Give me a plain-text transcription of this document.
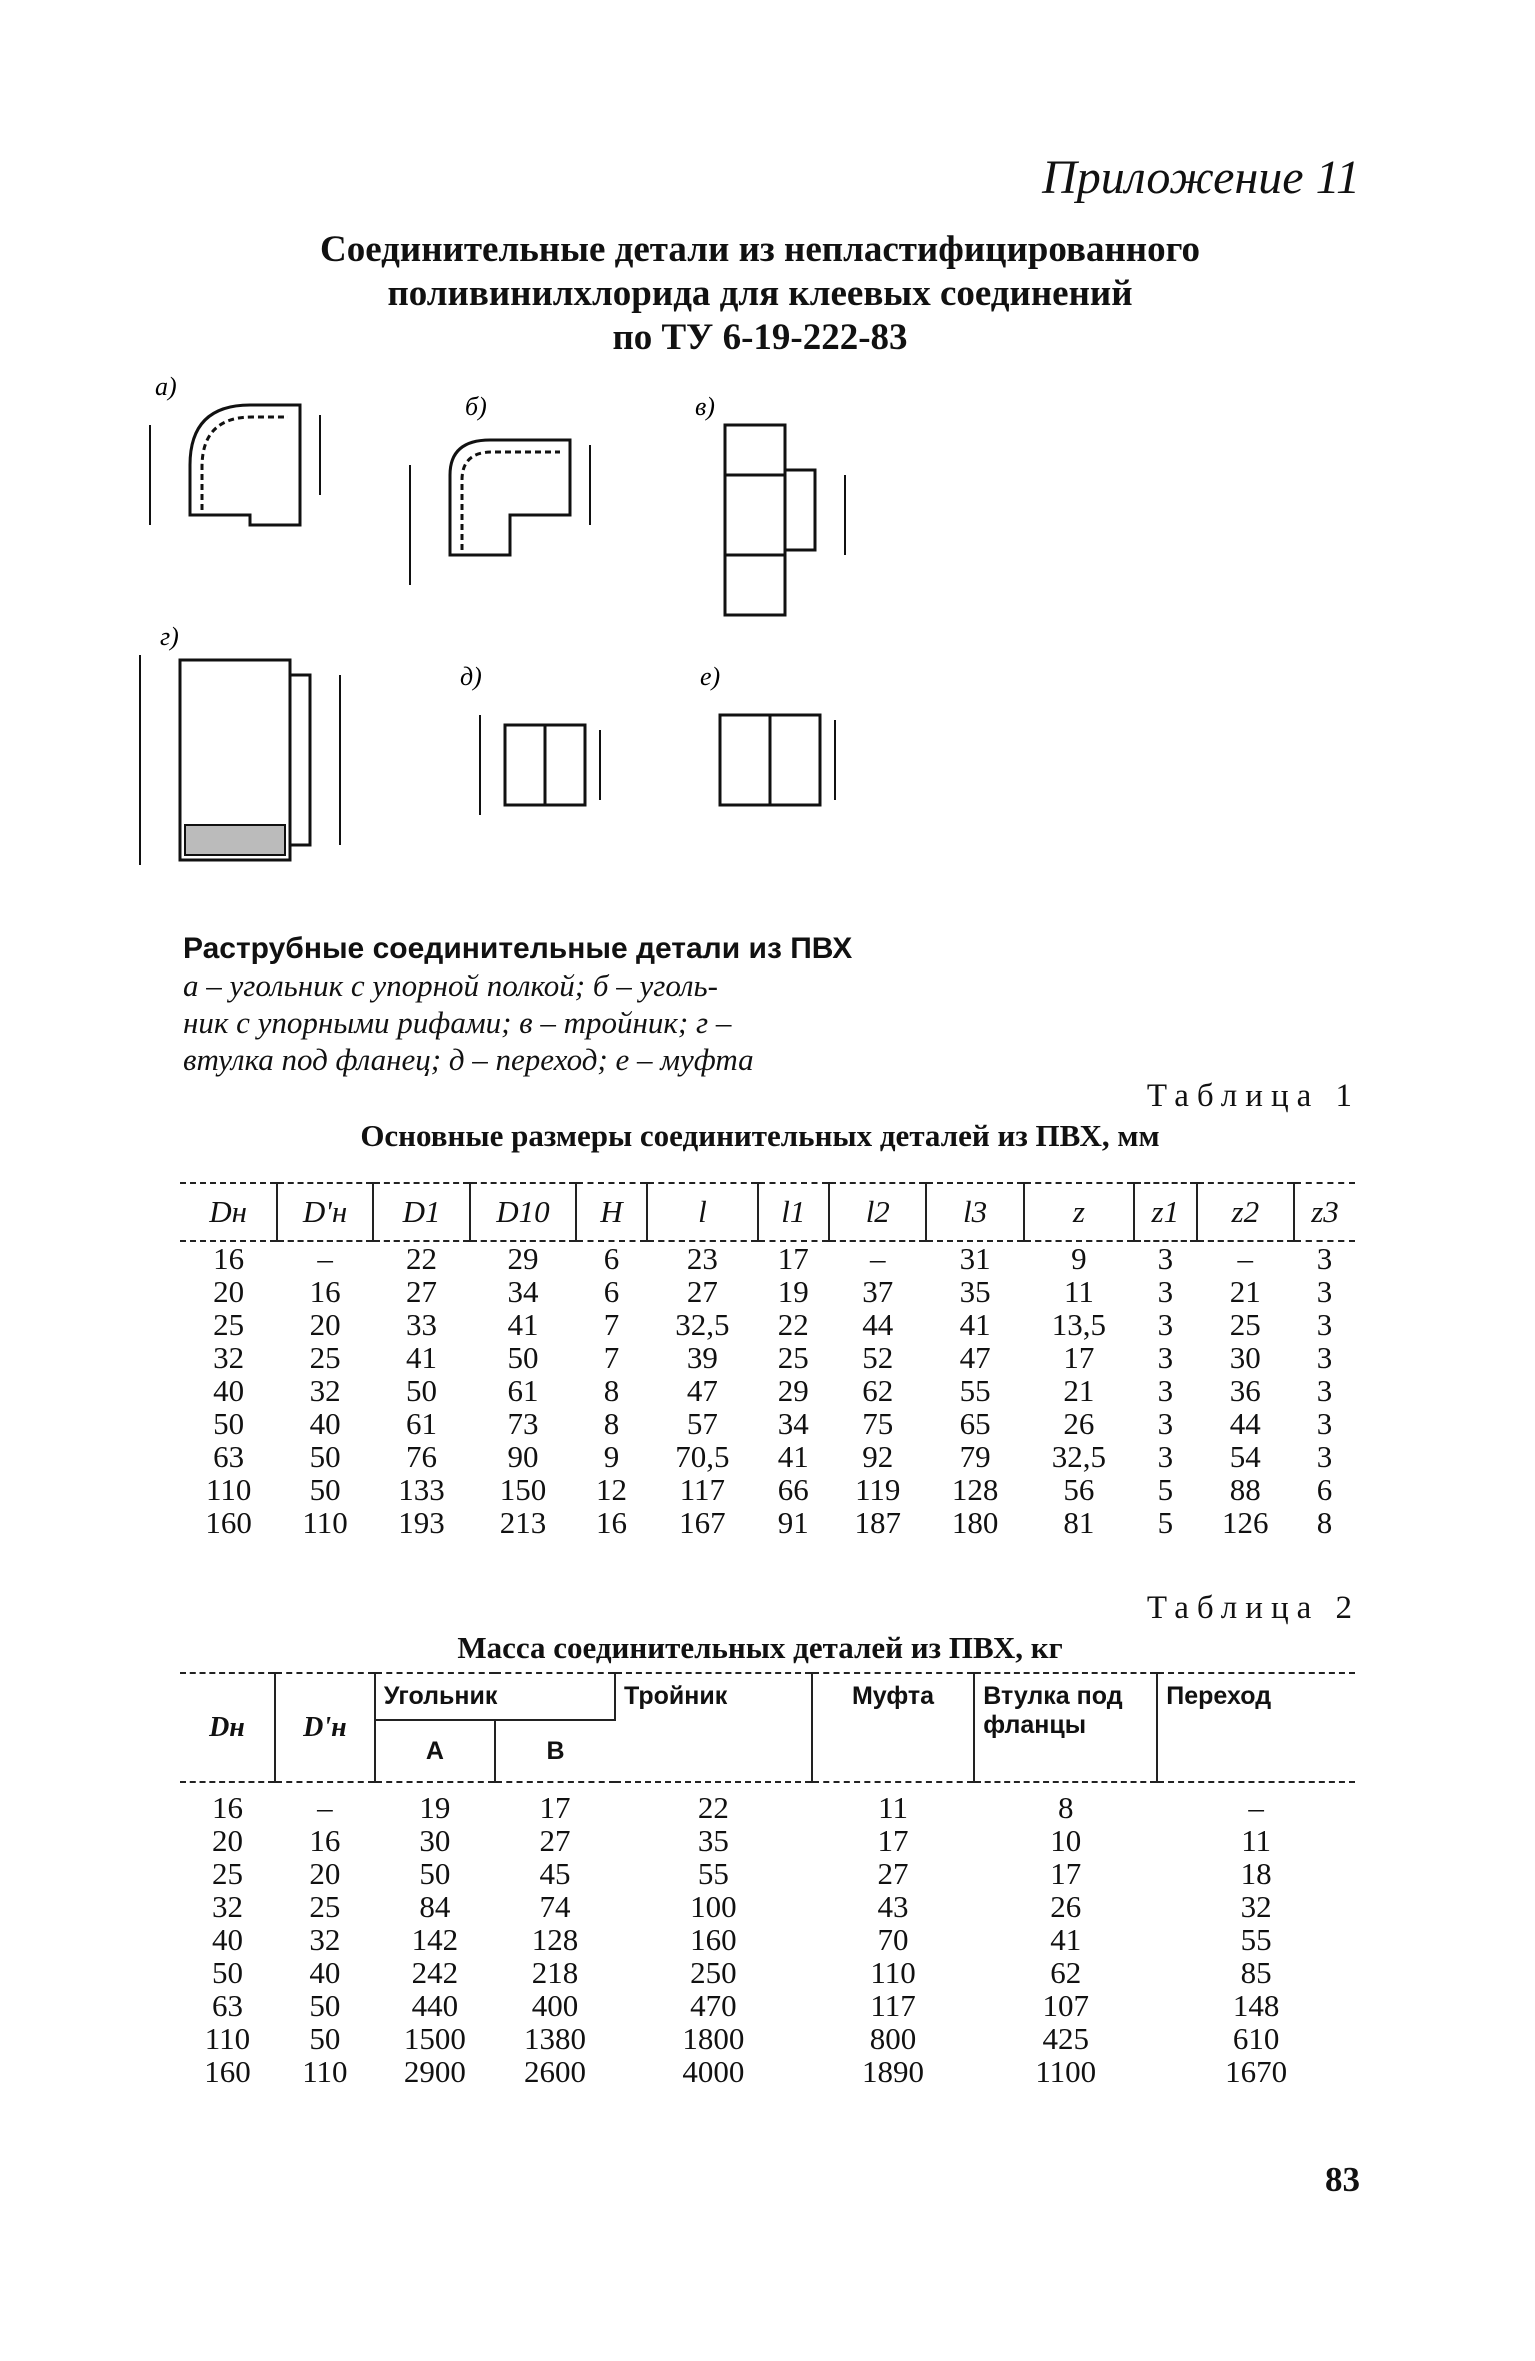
Приложение 11
Соединительные детали из непластифицированного
поливинилхлорида для клеевых соединений
по ТУ 6-19-222-83
а)
б)	в)
г)
д)	е)
Раструбные соединительные детали из ПВХ
а – угольник с упорной полкой; б – уголь-
ник с упорными рифами; в – тройник; г –
втулка под фланец; д – переход; е – муфта
Таблица 1
Основные размеры соединительных деталей из ПВХ, мм
Dн	D'н	D1	D10	H	l	l1	l2	l3	z	z1	z2	z3
16	–	22	29	6	23	17	–	31	9	3	–	3
20	16	27	34	6	27	19	37	35	11	3	21	3
25	20	33	41	7	32,5	22	44	41	13,5	3	25	3
32	25	41	50	7	39	25	52	47	17	3	30	3
40	32	50	61	8	47	29	62	55	21	3	36	3
50	40	61	73	8	57	34	75	65	26	3	44	3
63	50	76	90	9	70,5	41	92	79	32,5	3	54	3
110	50	133	150	12	117	66	119	128	56	5	88	6
160	110	193	213	16	167	91	187	180	81	5	126	8
Таблица 2
Масса соединительных деталей из ПВХ, кг
Dн	D'н	Угольник		Тройник	Муфта	Втулка под фланцы	Переход
		А	В				
16	–	19	17	22	11	8	–
20	16	30	27	35	17	10	11
25	20	50	45	55	27	17	18
32	25	84	74	100	43	26	32
40	32	142	128	160	70	41	55
50	40	242	218	250	110	62	85
63	50	440	400	470	117	107	148
110	50	1500	1380	1800	800	425	610
160	110	2900	2600	4000	1890	1100	1670
83
